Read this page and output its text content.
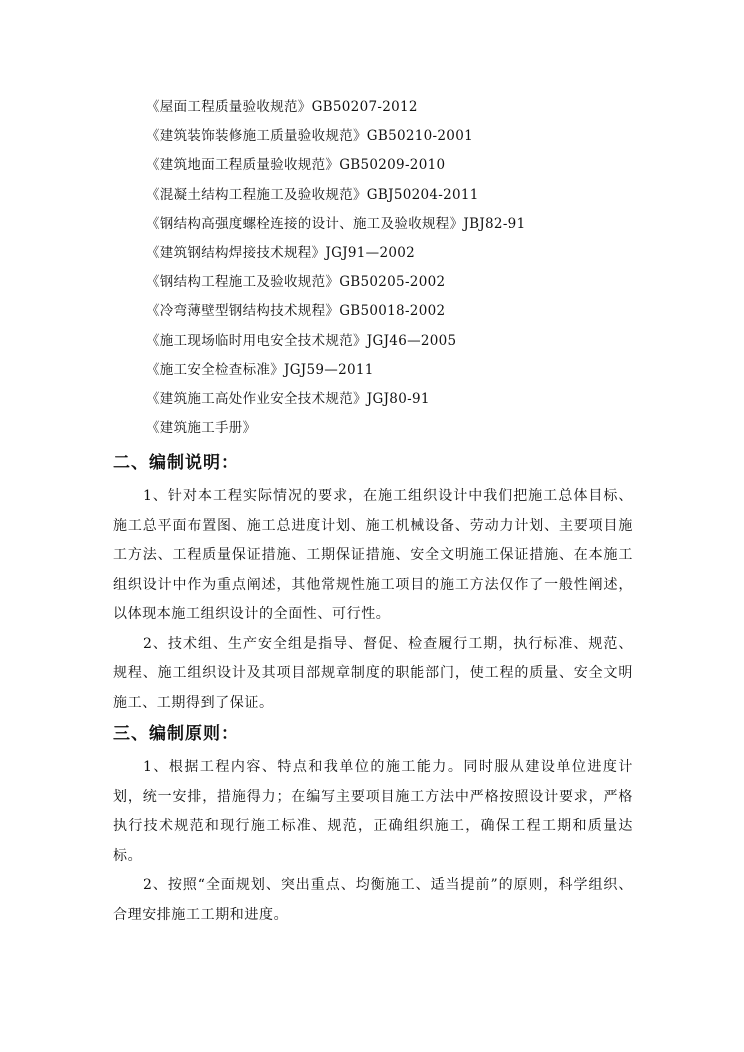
《屋面工程质量验收规范》GB50207-2012
《建筑装饰装修施工质量验收规范》GB50210-2001
《建筑地面工程质量验收规范》GB50209-2010
《混凝土结构工程施工及验收规范》GBJ50204-2011
《钢结构高强度螺栓连接的设计、施工及验收规程》JBJ82-91
《建筑钢结构焊接技术规程》JGJ91—2002
《钢结构工程施工及验收规范》GB50205-2002
《冷弯薄壁型钢结构技术规程》GB50018-2002
《施工现场临时用电安全技术规范》JGJ46—2005
《施工安全检查标准》JGJ59—2011
《建筑施工高处作业安全技术规范》JGJ80-91
《建筑施工手册》
二、编制说明：

1、针对本工程实际情况的要求，在施工组织设计中我们把施工总体目标、施工总平面布置图、施工总进度计划、施工机械设备、劳动力计划、主要项目施工方法、工程质量保证措施、工期保证措施、安全文明施工保证措施、在本施工组织设计中作为重点阐述，其他常规性施工项目的施工方法仅作了一般性阐述，以体现本施工组织设计的全面性、可行性。

2、技术组、生产安全组是指导、督促、检查履行工期，执行标准、规范、规程、施工组织设计及其项目部规章制度的职能部门，使工程的质量、安全文明施工、工期得到了保证。

三、编制原则：

1、根据工程内容、特点和我单位的施工能力。同时服从建设单位进度计划，统一安排，措施得力；在编写主要项目施工方法中严格按照设计要求，严格执行技术规范和现行施工标准、规范，正确组织施工，确保工程工期和质量达标。

2、按照“全面规划、突出重点、均衡施工、适当提前”的原则，科学组织、合理安排施工工期和进度。
